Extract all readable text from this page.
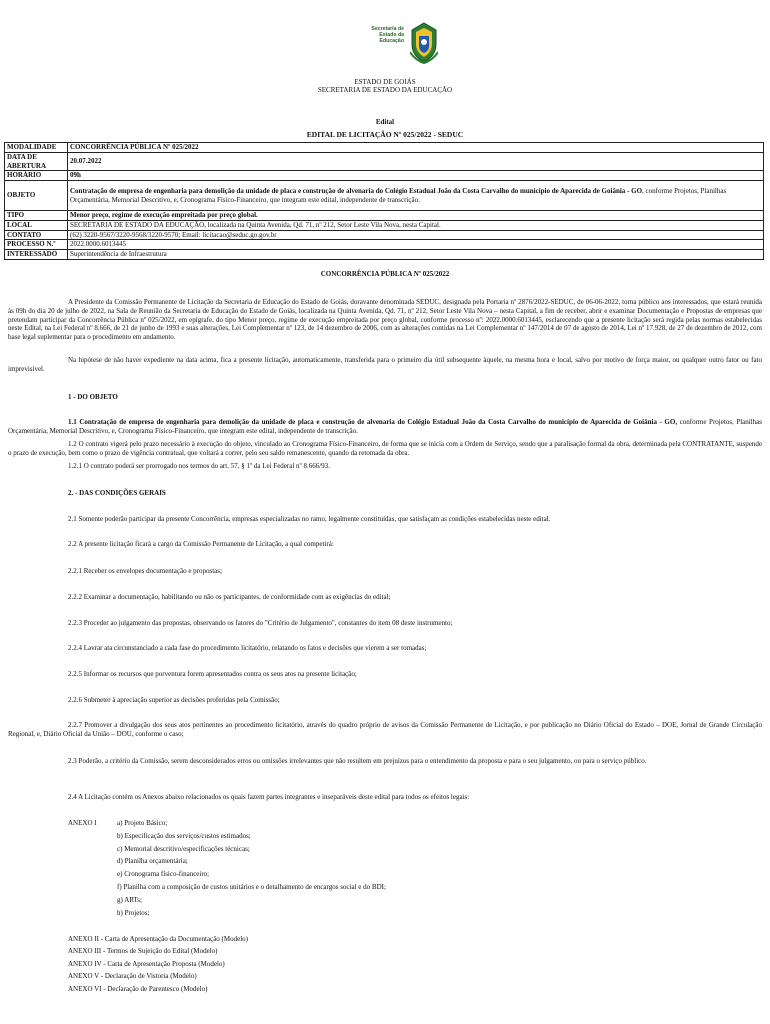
Secretaria de
Estado da
Educação
ESTADO DE GOIÁS
SECRETARIA DE ESTADO DA EDUCAÇÃO
Edital
EDITAL DE LICITAÇÃO Nº 025/2022 - SEDUC
MODALIDADE	CONCORRÊNCIA PÚBLICA Nº 025/2022
DATA DE ABERTURA	20.07.2022
HORÁRIO	09h
OBJETO	Contratação de empresa de engenharia para demolição da unidade de placa e construção de alvenaria do Colégio Estadual João da Costa Carvalho do município de Aparecida de Goiânia - GO, conforme Projetos, Planilhas Orçamentária, Memorial Descritivo, e, Cronograma Físico-Financeiro, que integram este edital, independente de transcrição.
TIPO	Menor preço, regime de execução empreitada por preço global.
LOCAL	SECRETARIA DE ESTADO DA EDUCAÇÃO, localizada na Quinta Avenida, Qd. 71, nº 212, Setor Leste Vila Nova, nesta Capital.
CONTATO	(62) 3220-9567/3220-9568/3220-9570; Email: licitacao@seduc.go.gov.br
PROCESSO N.º	2022.0000.6013445
INTERESSADO	Superintendência de Infraestrutura
CONCORRÊNCIA PÚBLICA Nº 025/2022
A Presidente da Comissão Permanente de Licitação da Secretaria de Educação do Estado de Goiás, doravante denominada SEDUC, designada pela Portaria nº 2876/2022-SEDUC, de 06-06-2022, torna público aos interessados, que estará reunida às 09h do dia 20 de julho de 2022, na Sala de Reunião da Secretaria de Educação do Estado de Goiás, localizada na Quinta Avenida, Qd. 71, nº 212, Setor Leste Vila Nova – nesta Capital, a fim de receber, abrir e examinar Documentação e Propostas de empresas que pretendam participar da Concorrência Pública nº 025/2022, em epígrafe, do tipo Menor preço, regime de execução empreitada por preço global, conforme processo nº: 2022.0000.6013445, esclarecendo que a presente licitação será regida pelas normas estabelecidas neste Edital, na Lei Federal nº 8.666, de 21 de junho de 1993 e suas alterações, Lei Complementar nº 123, de 14 dezembro de 2006, com as alterações contidas na Lei Complementar nº 147/2014 de 07 de agosto de 2014, Lei nº 17.928, de 27 de dezembro de 2012, com base legal suplementar para o procedimento em andamento.
Na hipótese de não haver expediente na data acima, fica a presente licitação, automaticamente, transferida para o primeiro dia útil subsequente àquele, na mesma hora e local, salvo por motivo de força maior, ou qualquer outro fator ou fato imprevisível.
1 - DO OBJETO
1.1 Contratação de empresa de engenharia para demolição da unidade de placa e construção de alvenaria do Colégio Estadual João da Costa Carvalho do município de Aparecida de Goiânia - GO, conforme Projetos, Planilhas Orçamentária, Memorial Descritivo, e, Cronograma Físico-Financeiro, que integram este edital, independente de transcrição.
1.2 O contrato vigerá pelo prazo necessário à execução do objeto, vinculado ao Cronograma Físico-Financeiro, de forma que se inicia com a Ordem de Serviço, sendo que a paralisação formal da obra, determinada pela CONTRATANTE, suspende o prazo de execução, bem como o prazo de vigência contratual, que voltará a correr, pelo seu saldo remanescente, quando da retomada da obra.
1.2.1 O contrato poderá ser prorrogado nos termos do art. 57, § 1º da Lei Federal nº 8.666/93.
2. - DAS CONDIÇÕES GERAIS
2.1 Somente poderão participar da presente Concorrência, empresas especializadas no ramo, legalmente constituídas, que satisfaçam as condições estabelecidas neste edital.
2.2 A presente licitação ficará a cargo da Comissão Permanente de Licitação, a qual competirá:
2.2.1 Receber os envelopes documentação e propostas;
2.2.2 Examinar a documentação, habilitando ou não os participantes, de conformidade com as exigências do edital;
2.2.3 Proceder ao julgamento das propostas, observando os fatores do "Critério de Julgamento", constantes do item 08 deste instrumento;
2.2.4 Lavrar ata circunstanciado a cada fase do procedimento licitatório, relatando os fatos e decisões que vierem a ser tomadas;
2.2.5 Informar os recursos que porventura forem apresentados contra os seus atos na presente licitação;
2.2.6 Submeter à apreciação superior as decisões proferidas pela Comissão;
2.2.7 Promover a divulgação dos seus atos pertinentes ao procedimento licitatório, através do quadro próprio de avisos da Comissão Permanente de Licitação, e por publicação no Diário Oficial do Estado – DOE, Jornal de Grande Circulação Regional, e, Diário Oficial da União – DOU, conforme o caso;
2.3 Poderão, a critério da Comissão, serem desconsiderados erros ou omissões irrelevantes que não resultem em prejuízos para o entendimento da proposta e para o seu julgamento, ou para o serviço público.
2.4 A Licitação contém os Anexos abaixo relacionados os quais fazem partes integrantes e inseparáveis deste edital para todos os efeitos legais:
ANEXO I	a) Projeto Básico;
b) Especificação dos serviços/custos estimados;
c) Memorial descritivo/especificações técnicas;
d) Planilha orçamentária;
e) Cronograma físico-financeiro;
f) Planilha com a composição de custos unitários e o detalhamento de encargos social e do BDI;
g) ARTs;
h) Projetos;
ANEXO II - Carta de Apresentação da Documentação (Modelo)
ANEXO III - Termos de Sujeição do Edital (Modelo)
ANEXO IV - Carta de Apresentação Proposta (Modelo)
ANEXO V - Declaração de Vistoria (Modelo)
ANEXO VI - Declaração de Parentesco (Modelo)
